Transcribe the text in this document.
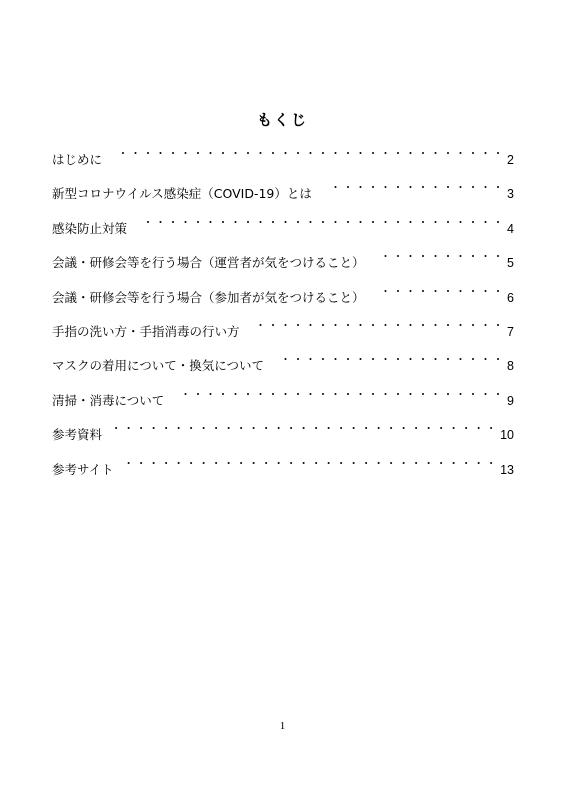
もくじ
はじめに ・・・・・・・・・・・・・・・・・・・・・・・・・・・・・・・・・・・・・・・・・・・・・・・・・・・・・・・・・・・・・・・・・・・・・・・・・・・・・・・・・・・・・・・・	2
新型コロナウイルス感染症（COVID-19）とは ・・・・・・・・・・・・・・・・・・・・・・・・・・・・・・・・・・・・・・・・・・・・・・・・・・・・・・・・・・・・・・・・・・・・・・・・・・・・・・・・・・・・・・・・	3
感染防止対策 ・・・・・・・・・・・・・・・・・・・・・・・・・・・・・・・・・・・・・・・・・・・・・・・・・・・・・・・・・・・・・・・・・・・・・・・・・・・・・・・・・・・・・・・・	4
会議・研修会等を行う場合（運営者が気をつけること） ・・・・・・・・・・・・・・・・・・・・・・・・・・・・・・・・・・・・・・・・・・・・・・・・・・・・・・・・・・・・・・・・・・・・・・・・・・・・・・・・・・・・・・・・	5
会議・研修会等を行う場合（参加者が気をつけること） ・・・・・・・・・・・・・・・・・・・・・・・・・・・・・・・・・・・・・・・・・・・・・・・・・・・・・・・・・・・・・・・・・・・・・・・・・・・・・・・・・・・・・・・・	6
手指の洗い方・手指消毒の行い方 ・・・・・・・・・・・・・・・・・・・・・・・・・・・・・・・・・・・・・・・・・・・・・・・・・・・・・・・・・・・・・・・・・・・・・・・・・・・・・・・・・・・・・・・・	7
マスクの着用について・換気について ・・・・・・・・・・・・・・・・・・・・・・・・・・・・・・・・・・・・・・・・・・・・・・・・・・・・・・・・・・・・・・・・・・・・・・・・・・・・・・・・・・・・・・・・	8
清掃・消毒について ・・・・・・・・・・・・・・・・・・・・・・・・・・・・・・・・・・・・・・・・・・・・・・・・・・・・・・・・・・・・・・・・・・・・・・・・・・・・・・・・・・・・・・・・	9
参考資料 ・・・・・・・・・・・・・・・・・・・・・・・・・・・・・・・・・・・・・・・・・・・・・・・・・・・・・・・・・・・・・・・・・・・・・・・・・・・・・・・・・・・・・・・・	10
参考サイト ・・・・・・・・・・・・・・・・・・・・・・・・・・・・・・・・・・・・・・・・・・・・・・・・・・・・・・・・・・・・・・・・・・・・・・・・・・・・・・・・・・・・・・・・	13
1
